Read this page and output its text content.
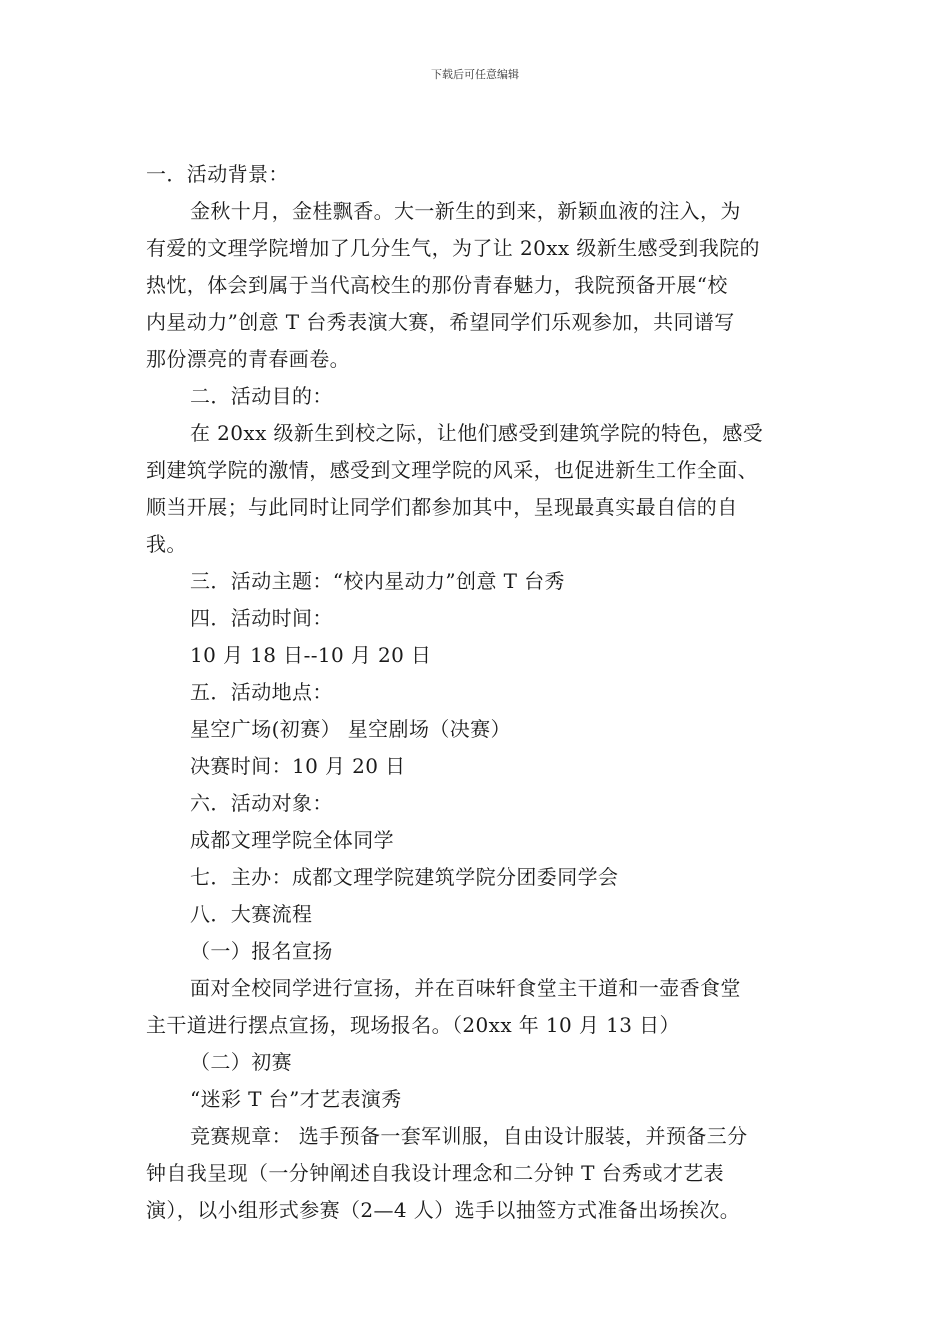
下载后可任意编辑
一．活动背景：
金秋十月，金桂飘香。大一新生的到来，新颖血液的注入，为
有爱的文理学院增加了几分生气，为了让 20xx 级新生感受到我院的
热忱，体会到属于当代高校生的那份青春魅力，我院预备开展“校
内星动力”创意 T 台秀表演大赛，希望同学们乐观参加，共同谱写
那份漂亮的青春画卷。
二．活动目的：
在 20xx 级新生到校之际，让他们感受到建筑学院的特色，感受
到建筑学院的激情，感受到文理学院的风采，也促进新生工作全面、
顺当开展；与此同时让同学们都参加其中，呈现最真实最自信的自
我。
三．活动主题：“校内星动力”创意 T 台秀
四．活动时间：
10 月 18 日--10 月 20 日
五．活动地点：
星空广场(初赛） 星空剧场（决赛）
决赛时间：10 月 20 日
六．活动对象：
成都文理学院全体同学
七．主办：成都文理学院建筑学院分团委同学会
八．大赛流程
（一）报名宣扬
面对全校同学进行宣扬，并在百味轩食堂主干道和一壶香食堂
主干道进行摆点宣扬，现场报名。（20xx 年 10 月 13 日）
（二）初赛
“迷彩 T 台”才艺表演秀
竞赛规章： 选手预备一套军训服，自由设计服装，并预备三分
钟自我呈现（一分钟阐述自我设计理念和二分钟 T 台秀或才艺表
演），以小组形式参赛（2—4 人）选手以抽签方式准备出场挨次。
